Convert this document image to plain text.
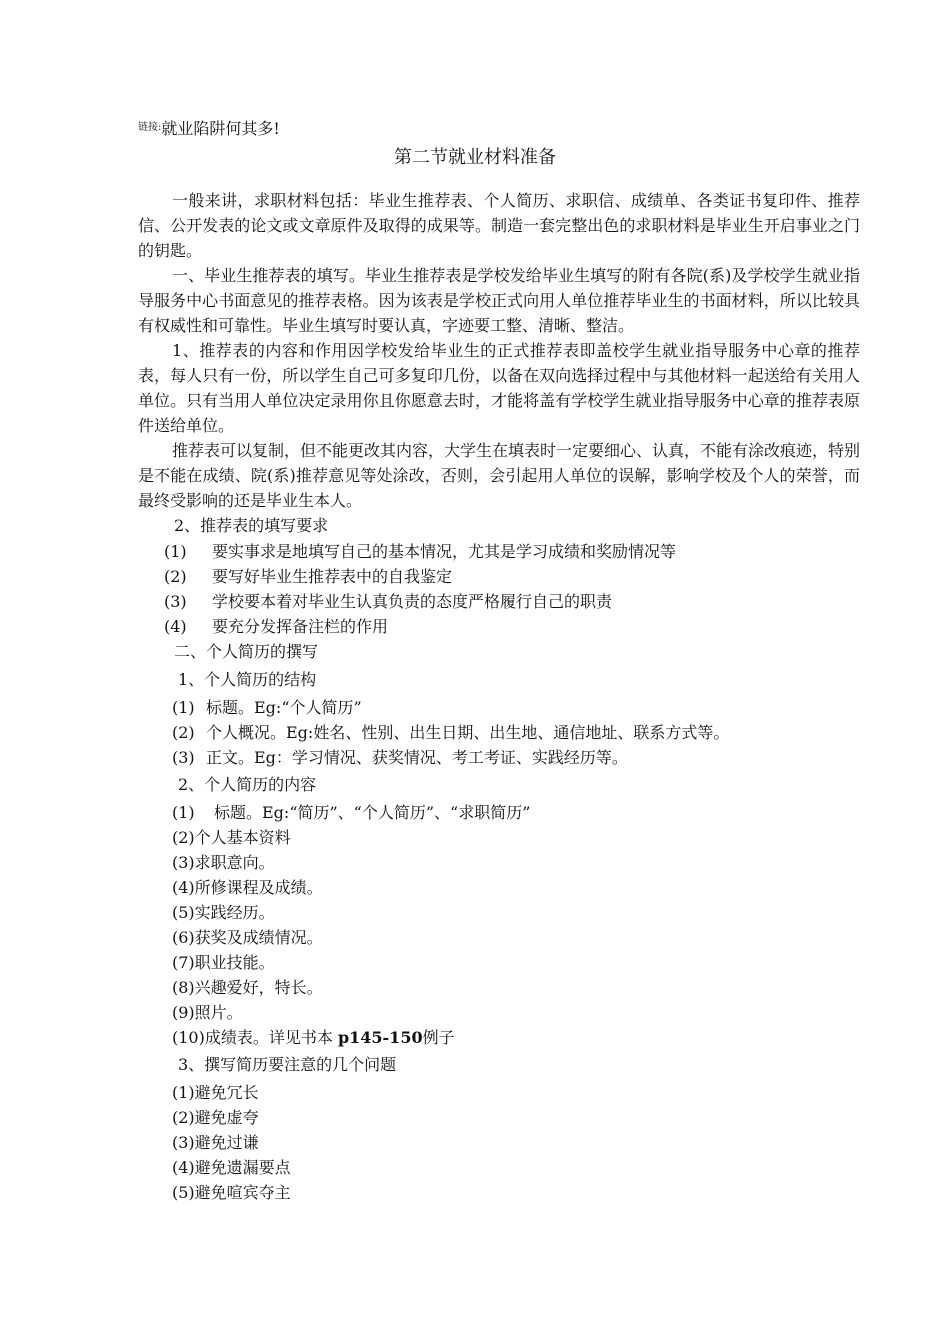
$^{链接:}$就业陷阱何其多!
第二节就业材料准备

一般来讲，求职材料包括：毕业生推荐表、个人简历、求职信、成绩单、各类证书复印件、推荐信、公开发表的论文或文章原件及取得的成果等。制造一套完整出色的求职材料是毕业生开启事业之门的钥匙。

一、毕业生推荐表的填写。毕业生推荐表是学校发给毕业生填写的附有各院(系)及学校学生就业指导服务中心书面意见的推荐表格。因为该表是学校正式向用人单位推荐毕业生的书面材料，所以比较具有权威性和可靠性。毕业生填写时要认真，字迹要工整、清晰、整洁。

1、推荐表的内容和作用因学校发给毕业生的正式推荐表即盖校学生就业指导服务中心章的推荐表，每人只有一份，所以学生自己可多复印几份，以备在双向选择过程中与其他材料一起送给有关用人单位。只有当用人单位决定录用你且你愿意去时，才能将盖有学校学生就业指导服务中心章的推荐表原件送给单位。

推荐表可以复制，但不能更改其内容，大学生在填表时一定要细心、认真，不能有涂改痕迹，特别是不能在成绩、院(系)推荐意见等处涂改，否则，会引起用人单位的误解，影响学校及个人的荣誉，而最终受影响的还是毕业生本人。

2、推荐表的填写要求

(1) 要实事求是地填写自己的基本情况，尤其是学习成绩和奖励情况等

(2) 要写好毕业生推荐表中的自我鉴定

(3) 学校要本着对毕业生认真负责的态度严格履行自己的职责

(4) 要充分发挥备注栏的作用

二、个人简历的撰写

1、个人简历的结构

(1) 标题。Eg:“个人简历”

(2) 个人概况。Eg:姓名、性别、出生日期、出生地、通信地址、联系方式等。

(3) 正文。Eg：学习情况、获奖情况、考工考证、实践经历等。

2、个人简历的内容

(1) 标题。Eg:“简历”、“个人简历”、“求职简历”

(2)个人基本资料

(3)求职意向。

(4)所修课程及成绩。

(5)实践经历。

(6)获奖及成绩情况。

(7)职业技能。

(8)兴趣爱好，特长。

(9)照片。

(10)成绩表。详见书本 p145-150例子

3、撰写简历要注意的几个问题

(1)避免冗长

(2)避免虚夸

(3)避免过谦

(4)避免遗漏要点

(5)避免喧宾夺主
